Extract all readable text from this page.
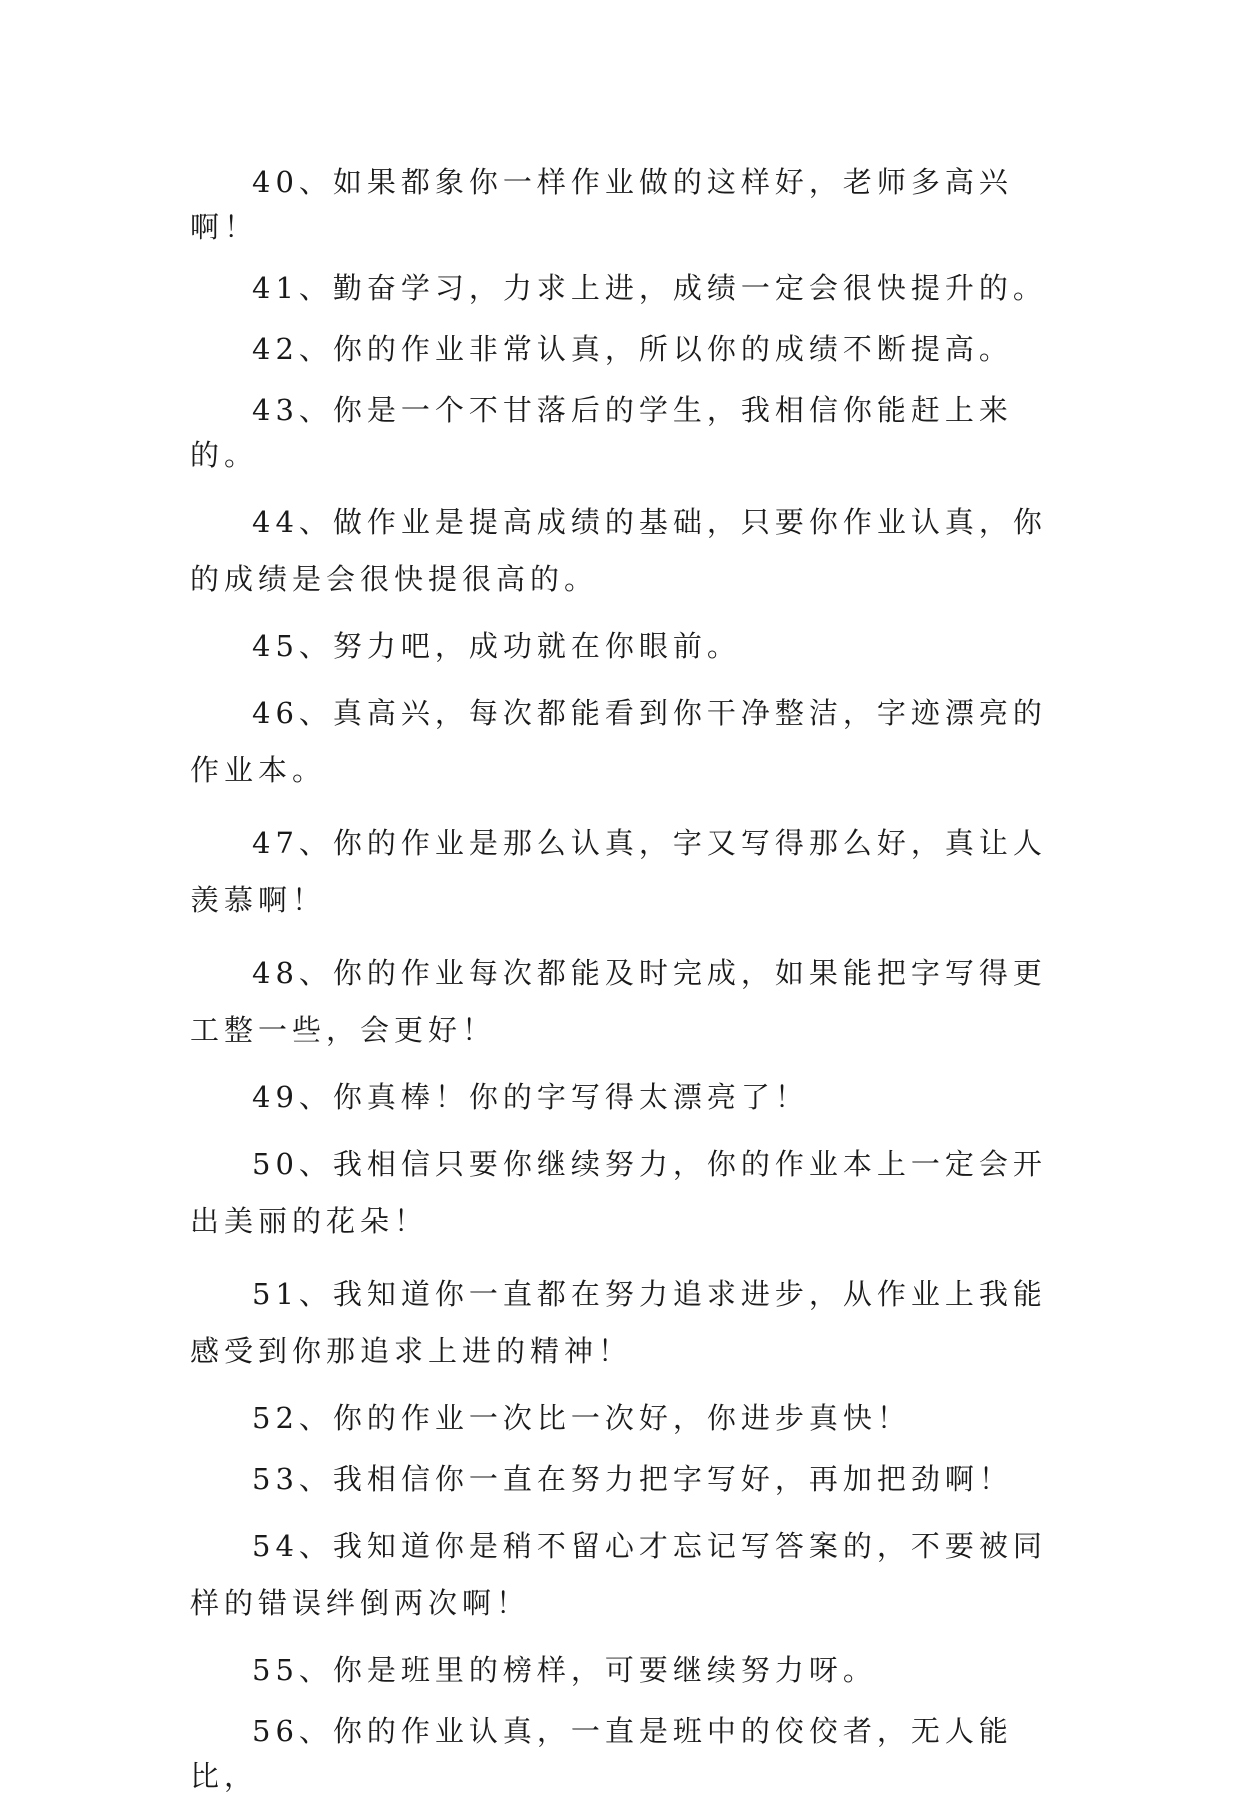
40、如果都象你一样作业做的这样好，老师多高兴啊！

41、勤奋学习，力求上进，成绩一定会很快提升的。

42、你的作业非常认真，所以你的成绩不断提高。

43、你是一个不甘落后的学生，我相信你能赶上来的。

44、做作业是提高成绩的基础，只要你作业认真，你的成绩是会很快提很高的。

45、努力吧，成功就在你眼前。

46、真高兴，每次都能看到你干净整洁，字迹漂亮的作业本。

47、你的作业是那么认真，字又写得那么好，真让人羡慕啊！

48、你的作业每次都能及时完成，如果能把字写得更工整一些，会更好！

49、你真棒！你的字写得太漂亮了！

50、我相信只要你继续努力，你的作业本上一定会开出美丽的花朵！

51、我知道你一直都在努力追求进步，从作业上我能感受到你那追求上进的精神！

52、你的作业一次比一次好，你进步真快！

53、我相信你一直在努力把字写好，再加把劲啊！

54、我知道你是稍不留心才忘记写答案的，不要被同样的错误绊倒两次啊！

55、你是班里的榜样，可要继续努力呀。

56、你的作业认真，一直是班中的佼佼者，无人能比，
